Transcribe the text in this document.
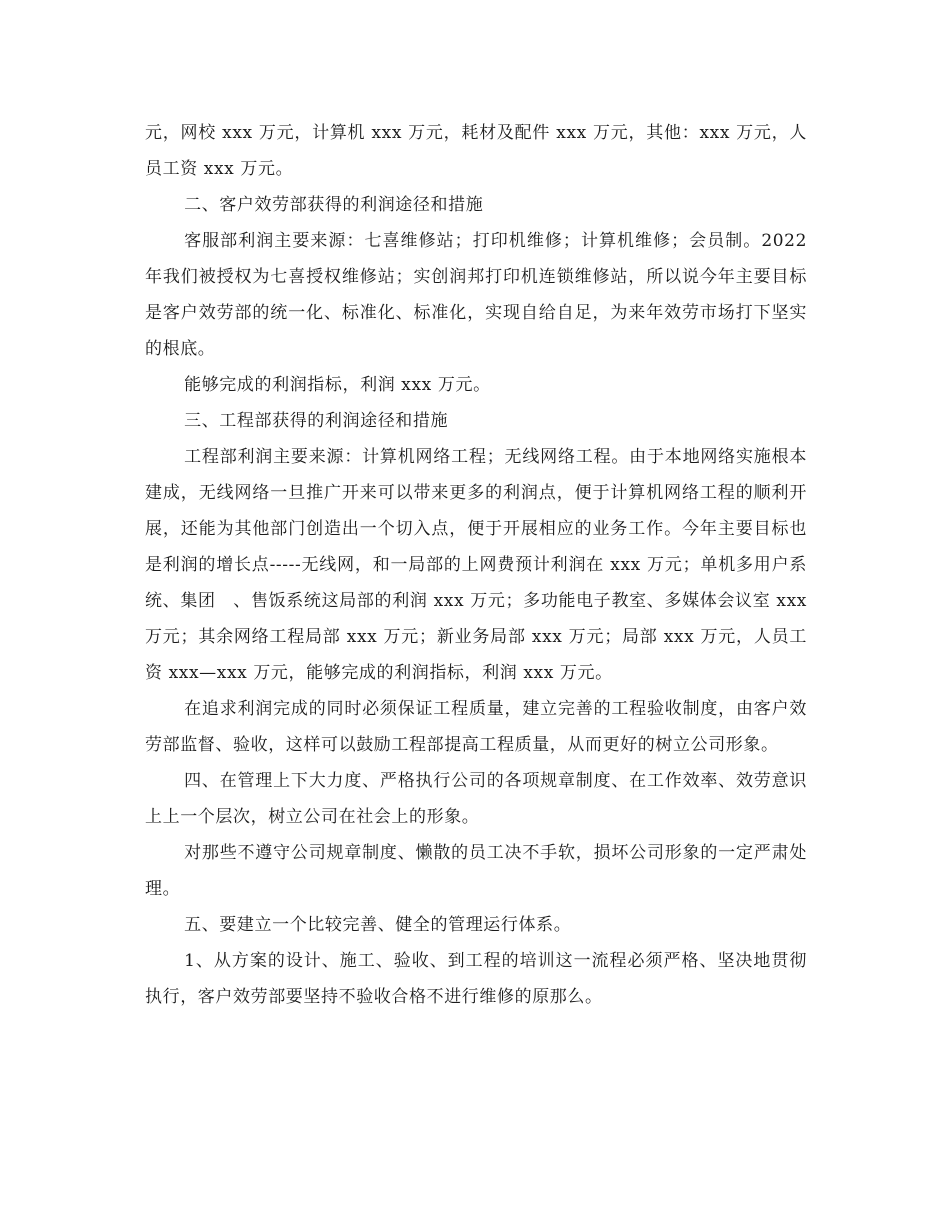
元，网校 xxx 万元，计算机 xxx 万元，耗材及配件 xxx 万元，其他：xxx 万元，人员工资 xxx 万元。

二、客户效劳部获得的利润途径和措施

客服部利润主要来源：七喜维修站；打印机维修；计算机维修；会员制。2022 年我们被授权为七喜授权维修站；实创润邦打印机连锁维修站，所以说今年主要目标是客户效劳部的统一化、标准化、标准化，实现自给自足，为来年效劳市场打下坚实的根底。

能够完成的利润指标，利润 xxx 万元。

三、工程部获得的利润途径和措施

工程部利润主要来源：计算机网络工程；无线网络工程。由于本地网络实施根本建成，无线网络一旦推广开来可以带来更多的利润点，便于计算机网络工程的顺利开展，还能为其他部门创造出一个切入点，便于开展相应的业务工作。今年主要目标也是利润的增长点-----无线网，和一局部的上网费预计利润在 xxx 万元；单机多用户系统、集团　、售饭系统这局部的利润 xxx 万元；多功能电子教室、多媒体会议室 xxx 万元；其余网络工程局部 xxx 万元；新业务局部 xxx 万元；局部 xxx 万元，人员工资 xxx—xxx 万元，能够完成的利润指标，利润 xxx 万元。

在追求利润完成的同时必须保证工程质量，建立完善的工程验收制度，由客户效劳部监督、验收，这样可以鼓励工程部提高工程质量，从而更好的树立公司形象。

四、在管理上下大力度、严格执行公司的各项规章制度、在工作效率、效劳意识上上一个层次，树立公司在社会上的形象。

对那些不遵守公司规章制度、懒散的员工决不手软，损坏公司形象的一定严肃处理。

五、要建立一个比较完善、健全的管理运行体系。

1、从方案的设计、施工、验收、到工程的培训这一流程必须严格、坚决地贯彻执行，客户效劳部要坚持不验收合格不进行维修的原那么。
